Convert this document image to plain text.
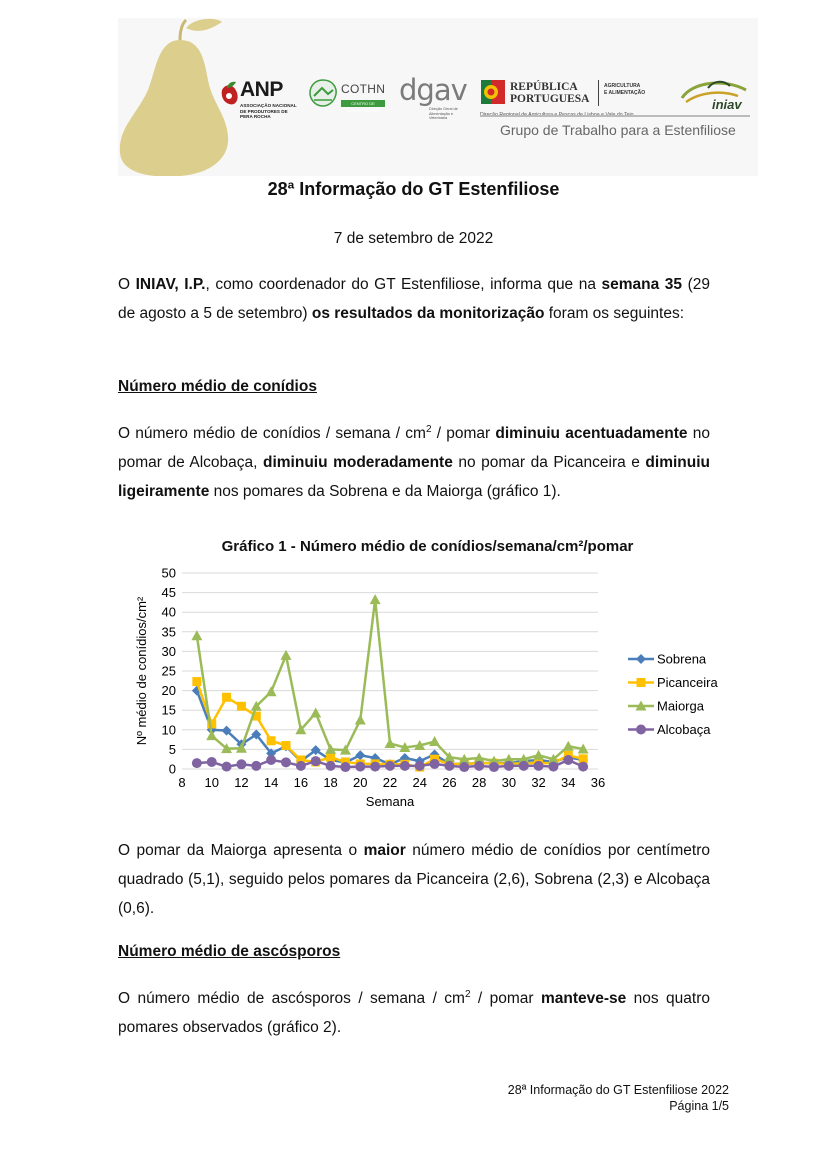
ANP
ASSOCIAÇÃO NACIONAL DE PRODUTORES DE PERA ROCHA
COTHN
CENTRO DE COMPETÊNCIAS
dgav
Direção Geral de Alimentação e Veterinária
REPÚBLICA
PORTUGUESA
AGRICULTURA
E ALIMENTAÇÃO
iniav
Grupo de Trabalho para a Estenfiliose
28ª Informação do GT Estenfiliose
7 de setembro de 2022
O INIAV, I.P., como coordenador do GT Estenfiliose, informa que na semana 35 (29 de agosto a 5 de setembro) os resultados da monitorização foram os seguintes:
Número médio de conídios
O número médio de conídios / semana / $cm^2$ / pomar diminuiu acentuadamente no pomar de Alcobaça, diminuiu moderadamente no pomar da Picanceira e diminuiu ligeiramente nos pomares da Sobrena e da Maiorga (gráfico 1).
Gráfico 1 - Número médio de conídios/semana/cm²/pomar
0
5
10
15
20
25
30
35
40
45
50
8 10 12 14 16 18 20 22 24 26 28 30 32 34 36
Semana
Nº médio de conídios/cm²	Sobrena
Picanceira
Maiorga
Alcobaça
O pomar da Maiorga apresenta o maior número médio de conídios por centímetro quadrado (5,1), seguido pelos pomares da Picanceira (2,6), Sobrena (2,3) e Alcobaça (0,6).
Número médio de ascósporos
O número médio de ascósporos / semana / $cm^2$ / pomar manteve-se nos quatro pomares observados (gráfico 2).
28ª Informação do GT Estenfiliose 2022
Página 1/5
